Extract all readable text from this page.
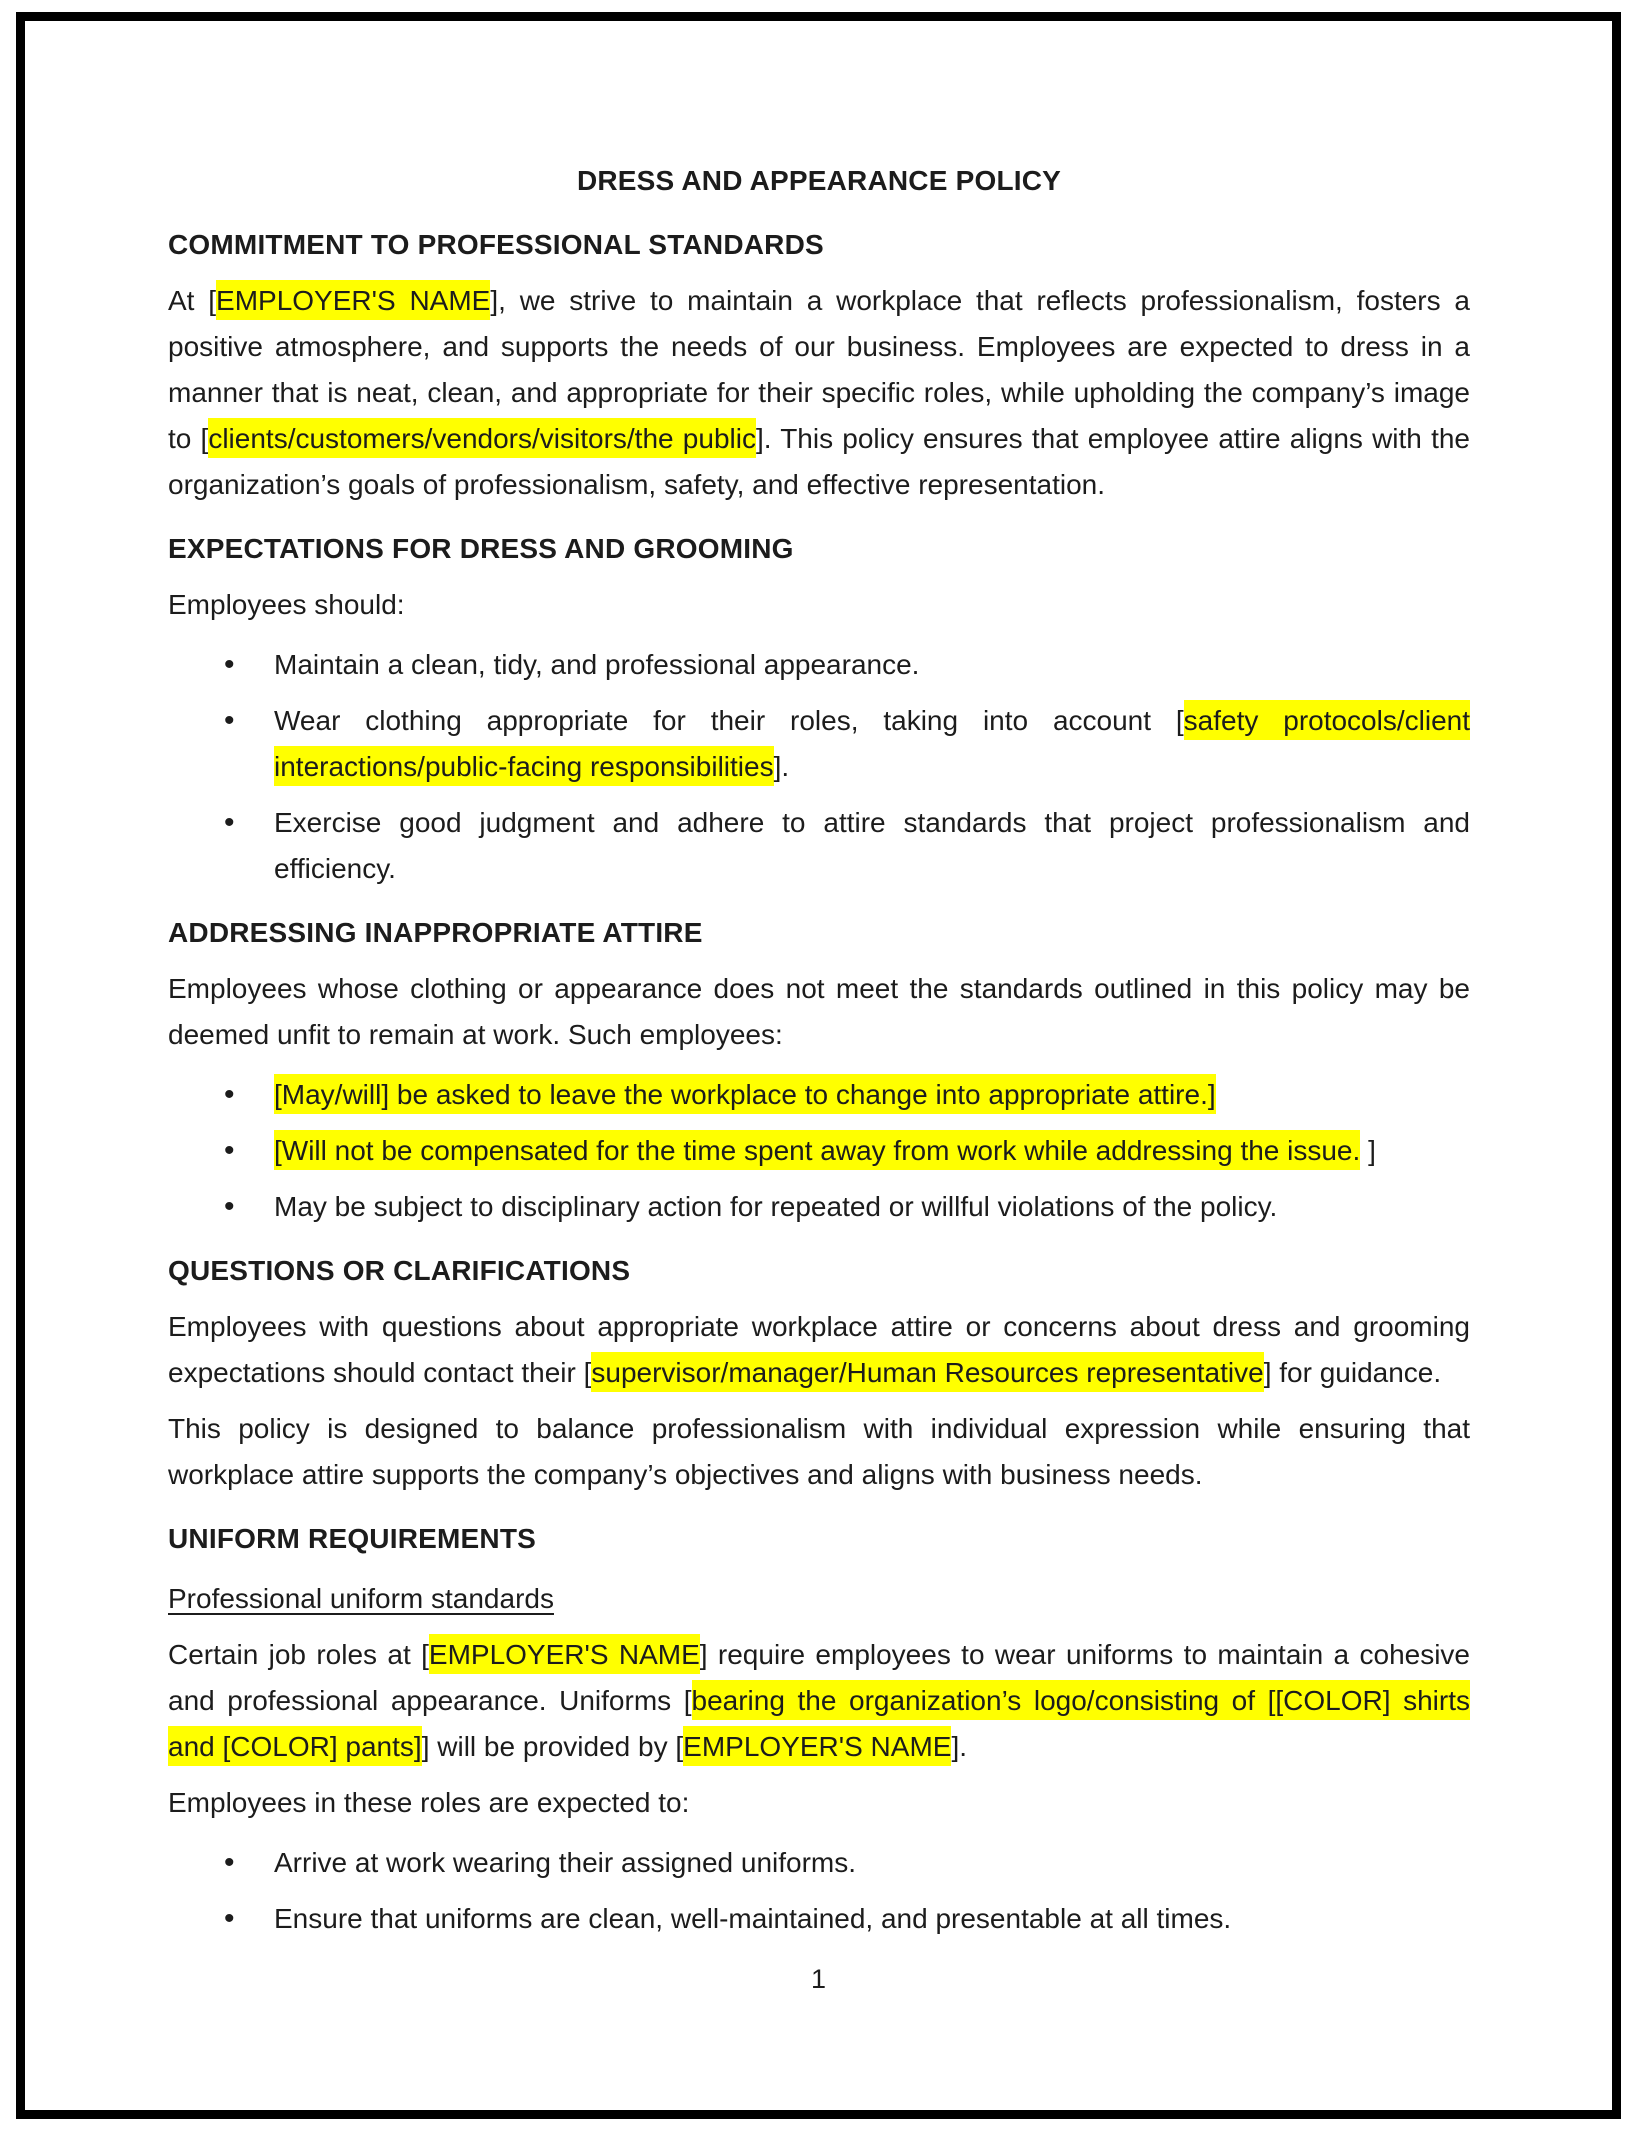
DRESS AND APPEARANCE POLICY
COMMITMENT TO PROFESSIONAL STANDARDS
At [EMPLOYER'S NAME], we strive to maintain a workplace that reflects professionalism, fosters a positive atmosphere, and supports the needs of our business. Employees are expected to dress in a manner that is neat, clean, and appropriate for their specific roles, while upholding the company’s image to [clients/customers/vendors/visitors/the public]. This policy ensures that employee attire aligns with the organization’s goals of professionalism, safety, and effective representation.
EXPECTATIONS FOR DRESS AND GROOMING
Employees should:
• Maintain a clean, tidy, and professional appearance.
• Wear clothing appropriate for their roles, taking into account [safety protocols/client interactions/public-facing responsibilities].
• Exercise good judgment and adhere to attire standards that project professionalism and efficiency.
ADDRESSING INAPPROPRIATE ATTIRE
Employees whose clothing or appearance does not meet the standards outlined in this policy may be deemed unfit to remain at work. Such employees:
• [May/will] be asked to leave the workplace to change into appropriate attire.]
• [Will not be compensated for the time spent away from work while addressing the issue. ]
• May be subject to disciplinary action for repeated or willful violations of the policy.
QUESTIONS OR CLARIFICATIONS
Employees with questions about appropriate workplace attire or concerns about dress and grooming expectations should contact their [supervisor/manager/Human Resources representative] for guidance.
This policy is designed to balance professionalism with individual expression while ensuring that workplace attire supports the company’s objectives and aligns with business needs.
UNIFORM REQUIREMENTS
Professional uniform standards
Certain job roles at [EMPLOYER'S NAME] require employees to wear uniforms to maintain a cohesive and professional appearance. Uniforms [bearing the organization’s logo/consisting of [[COLOR] shirts and [COLOR] pants]] will be provided by [EMPLOYER'S NAME].
Employees in these roles are expected to:
• Arrive at work wearing their assigned uniforms.
• Ensure that uniforms are clean, well-maintained, and presentable at all times.
1
